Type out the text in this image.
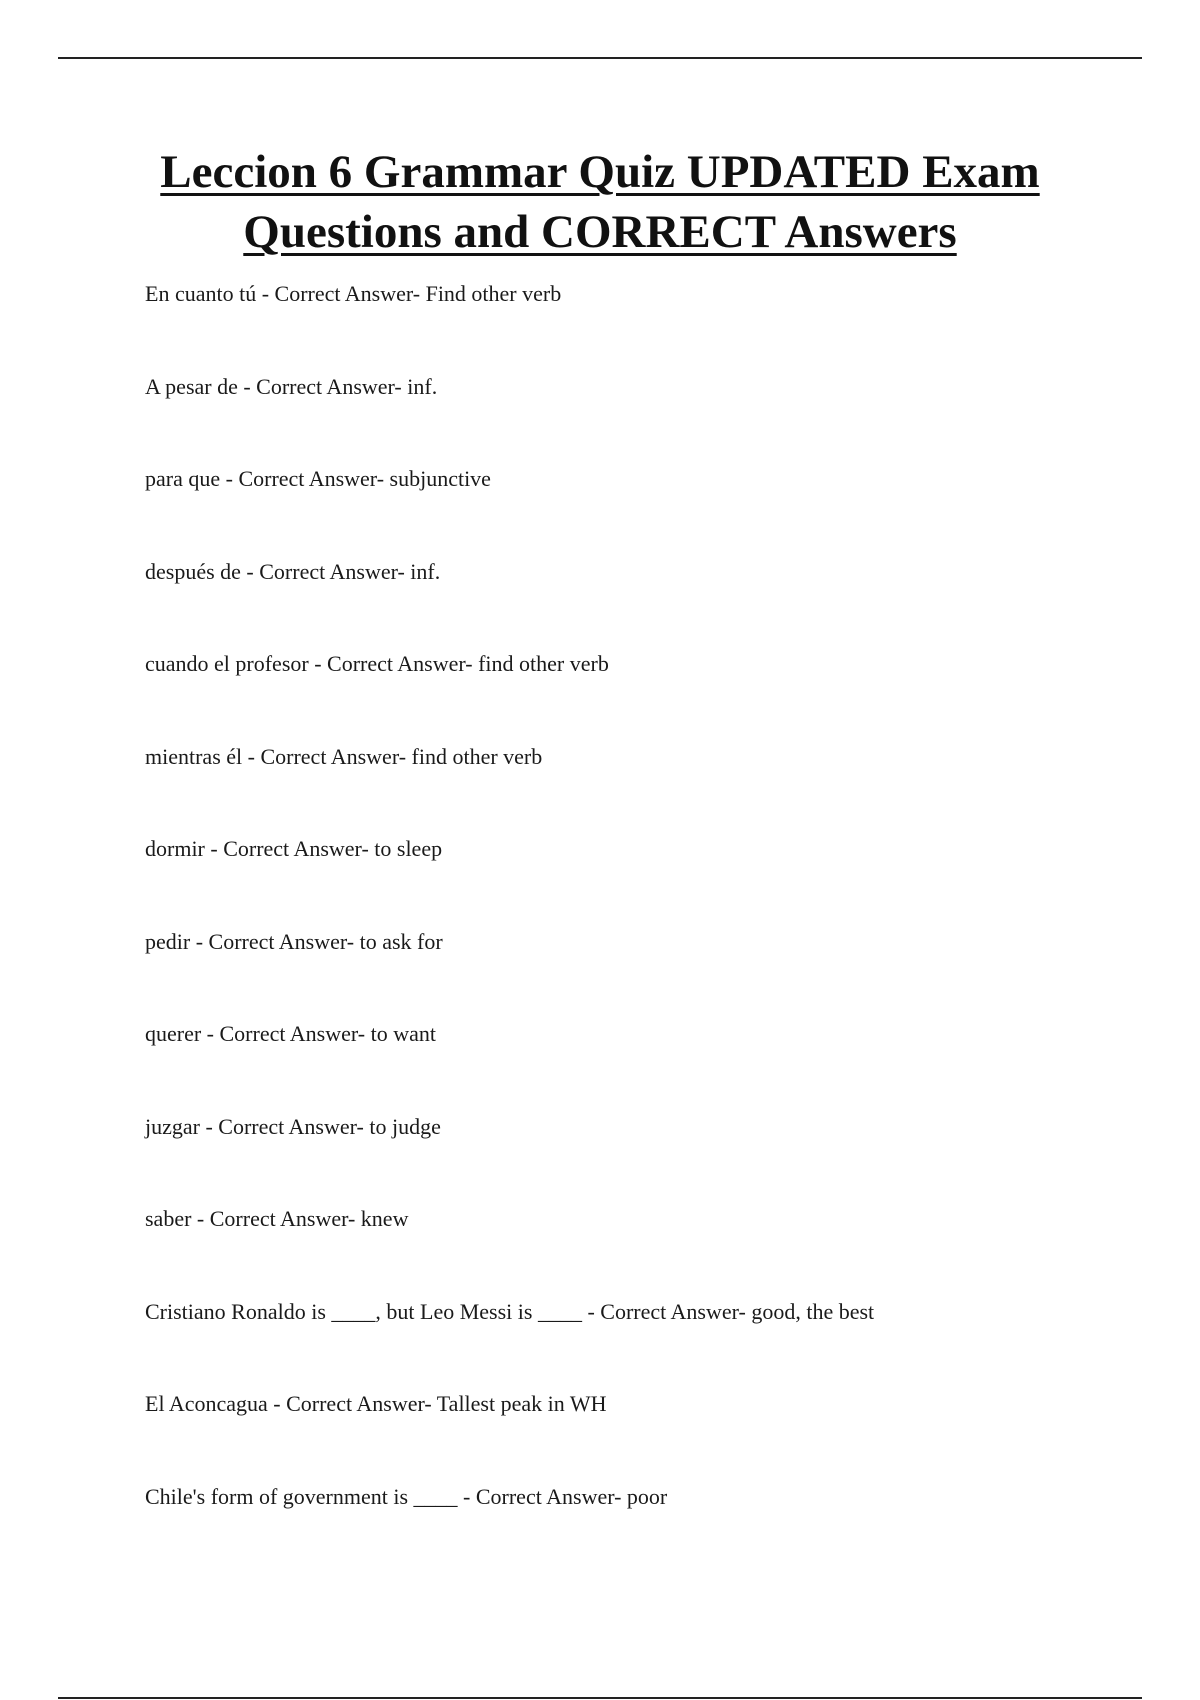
Leccion 6 Grammar Quiz UPDATED Exam Questions and CORRECT Answers
En cuanto tú - Correct Answer- Find other verb
A pesar de - Correct Answer- inf.
para que - Correct Answer- subjunctive
después de - Correct Answer- inf.
cuando el profesor - Correct Answer- find other verb
mientras él - Correct Answer- find other verb
dormir - Correct Answer- to sleep
pedir - Correct Answer- to ask for
querer - Correct Answer- to want
juzgar - Correct Answer- to judge
saber - Correct Answer- knew
Cristiano Ronaldo is ____, but Leo Messi is ____ - Correct Answer- good, the best
El Aconcagua - Correct Answer- Tallest peak in WH
Chile's form of government is ____ - Correct Answer- poor
